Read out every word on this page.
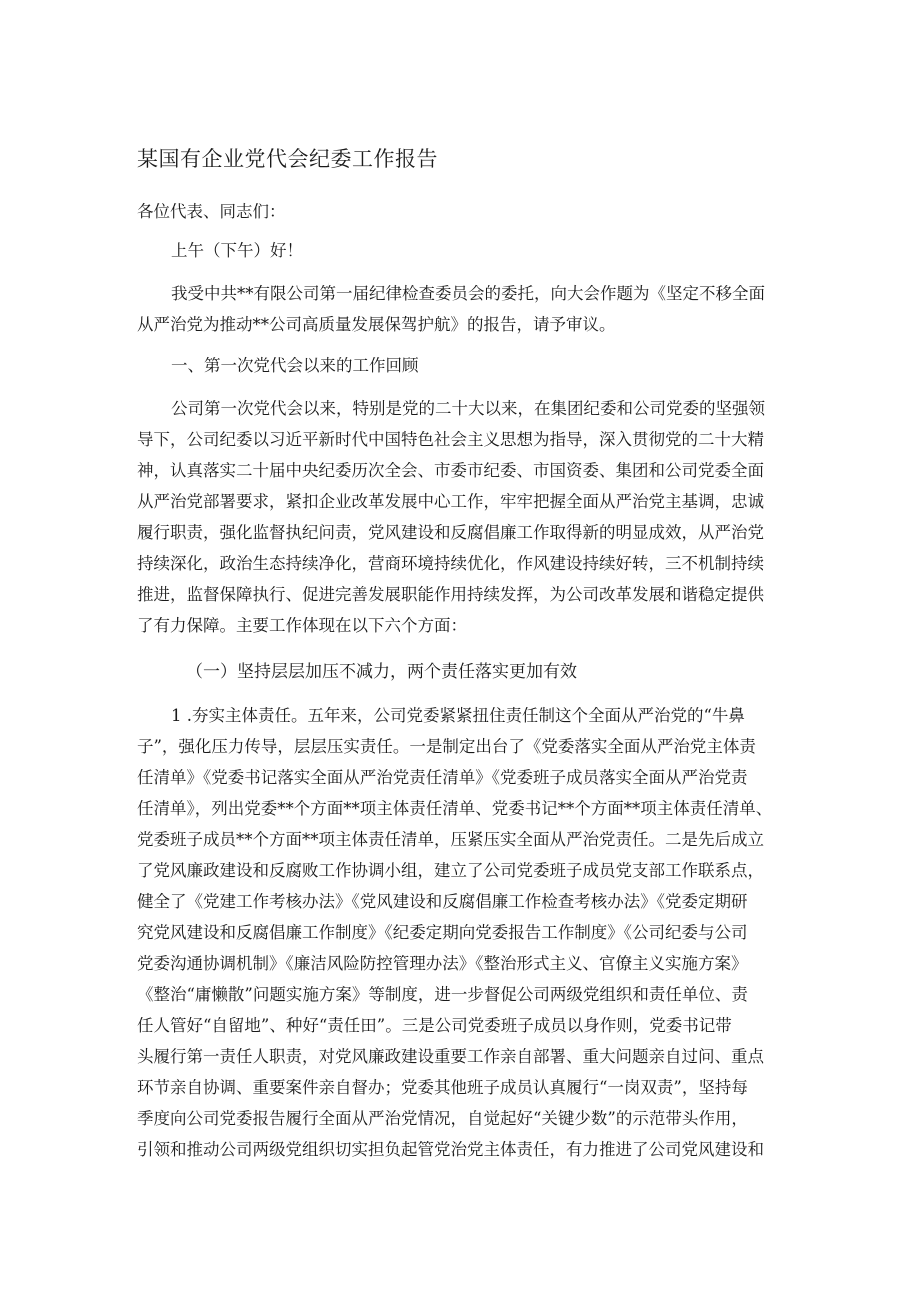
某国有企业党代会纪委工作报告
各位代表、同志们：
上午（下午）好！
我受中共**有限公司第一届纪律检查委员会的委托，向大会作题为《坚定不移全面
从严治党为推动**公司高质量发展保驾护航》的报告，请予审议。
一、第一次党代会以来的工作回顾
公司第一次党代会以来，特别是党的二十大以来，在集团纪委和公司党委的坚强领
导下，公司纪委以习近平新时代中国特色社会主义思想为指导，深入贯彻党的二十大精
神，认真落实二十届中央纪委历次全会、市委市纪委、市国资委、集团和公司党委全面
从严治党部署要求，紧扣企业改革发展中心工作，牢牢把握全面从严治党主基调，忠诚
履行职责，强化监督执纪问责，党风建设和反腐倡廉工作取得新的明显成效，从严治党
持续深化，政治生态持续净化，营商环境持续优化，作风建设持续好转，三不机制持续
推进，监督保障执行、促进完善发展职能作用持续发挥，为公司改革发展和谐稳定提供
了有力保障。主要工作体现在以下六个方面：
（一）坚持层层加压不减力，两个责任落实更加有效
1 .夯实主体责任。五年来，公司党委紧紧扭住责任制这个全面从严治党的“牛鼻
子”，强化压力传导，层层压实责任。一是制定出台了《党委落实全面从严治党主体责
任清单》《党委书记落实全面从严治党责任清单》《党委班子成员落实全面从严治党责
任清单》，列出党委**个方面**项主体责任清单、党委书记**个方面**项主体责任清单、
党委班子成员**个方面**项主体责任清单，压紧压实全面从严治党责任。二是先后成立
了党风廉政建设和反腐败工作协调小组，建立了公司党委班子成员党支部工作联系点，
健全了《党建工作考核办法》《党风建设和反腐倡廉工作检查考核办法》《党委定期研
究党风建设和反腐倡廉工作制度》《纪委定期向党委报告工作制度》《公司纪委与公司
党委沟通协调机制》《廉洁风险防控管理办法》《整治形式主义、官僚主义实施方案》
《整治“庸懒散”问题实施方案》等制度，进一步督促公司两级党组织和责任单位、责
任人管好“自留地”、种好“责任田”。三是公司党委班子成员以身作则，党委书记带
头履行第一责任人职责，对党风廉政建设重要工作亲自部署、重大问题亲自过问、重点
环节亲自协调、重要案件亲自督办；党委其他班子成员认真履行“一岗双责”，坚持每
季度向公司党委报告履行全面从严治党情况，自觉起好“关键少数”的示范带头作用，
引领和推动公司两级党组织切实担负起管党治党主体责任，有力推进了公司党风建设和
